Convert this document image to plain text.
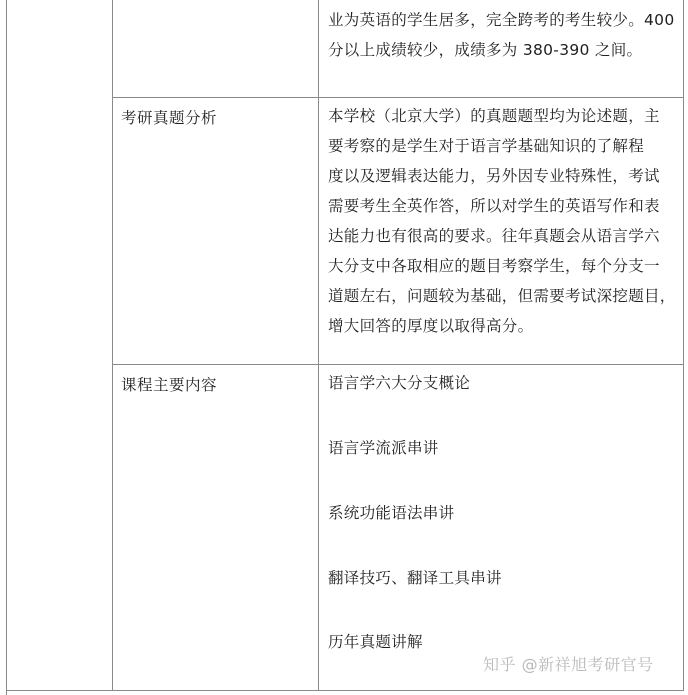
业为英语的学生居多，完全跨考的考生较少。400
分以上成绩较少，成绩多为 380-390 之间。
考研真题分析	本学校（北京大学）的真题题型均为论述题，主
要考察的是学生对于语言学基础知识的了解程
度以及逻辑表达能力，另外因专业特殊性，考试
需要考生全英作答，所以对学生的英语写作和表
达能力也有很高的要求。往年真题会从语言学六
大分支中各取相应的题目考察学生，每个分支一
道题左右，问题较为基础，但需要考试深挖题目，
增大回答的厚度以取得高分。
课程主要内容	语言学六大分支概论
语言学流派串讲
系统功能语法串讲
翻译技巧、翻译工具串讲
历年真题讲解
知乎 @新祥旭考研官号
